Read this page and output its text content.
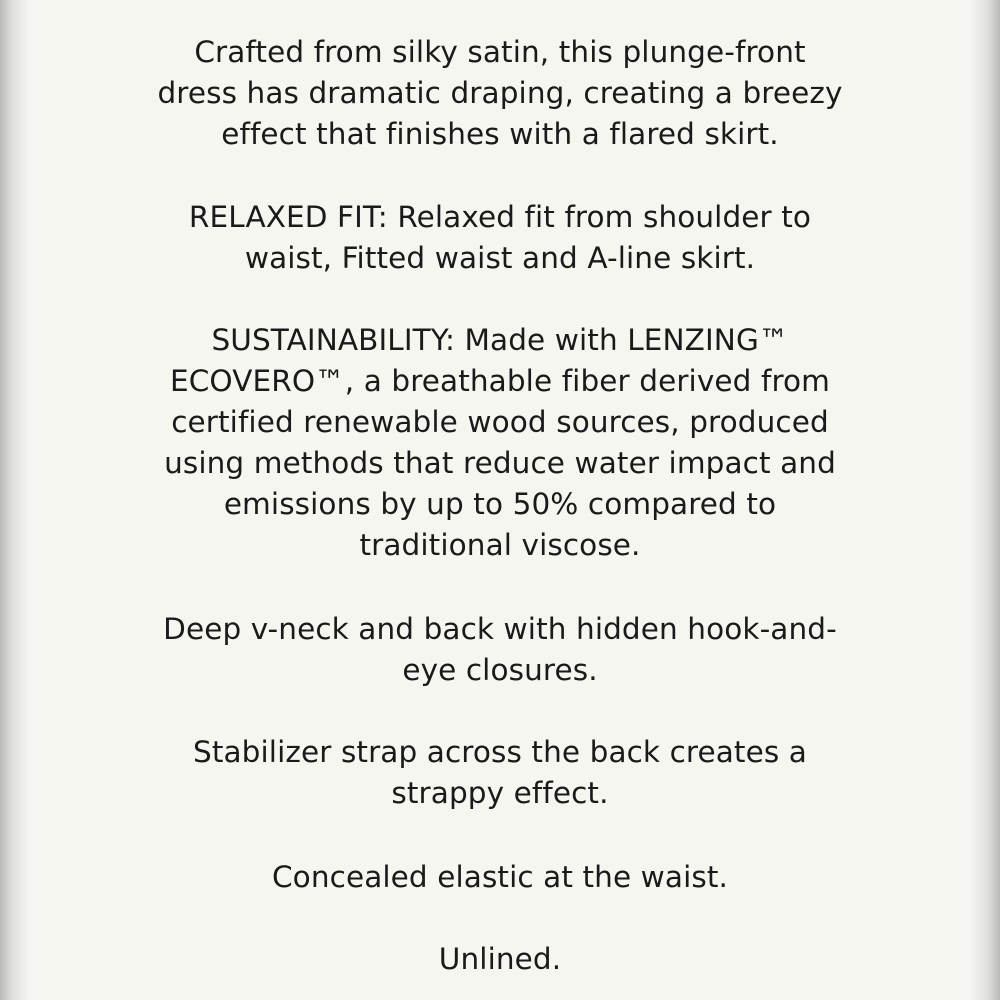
Crafted from silky satin, this plunge-front
dress has dramatic draping, creating a breezy
effect that finishes with a flared skirt.
RELAXED FIT: Relaxed fit from shoulder to
waist, Fitted waist and A-line skirt.
SUSTAINABILITY: Made with LENZING™
ECOVERO™, a breathable fiber derived from
certified renewable wood sources, produced
using methods that reduce water impact and
emissions by up to 50% compared to
traditional viscose.
Deep v-neck and back with hidden hook-and-
eye closures.
Stabilizer strap across the back creates a
strappy effect.
Concealed elastic at the waist.
Unlined.
